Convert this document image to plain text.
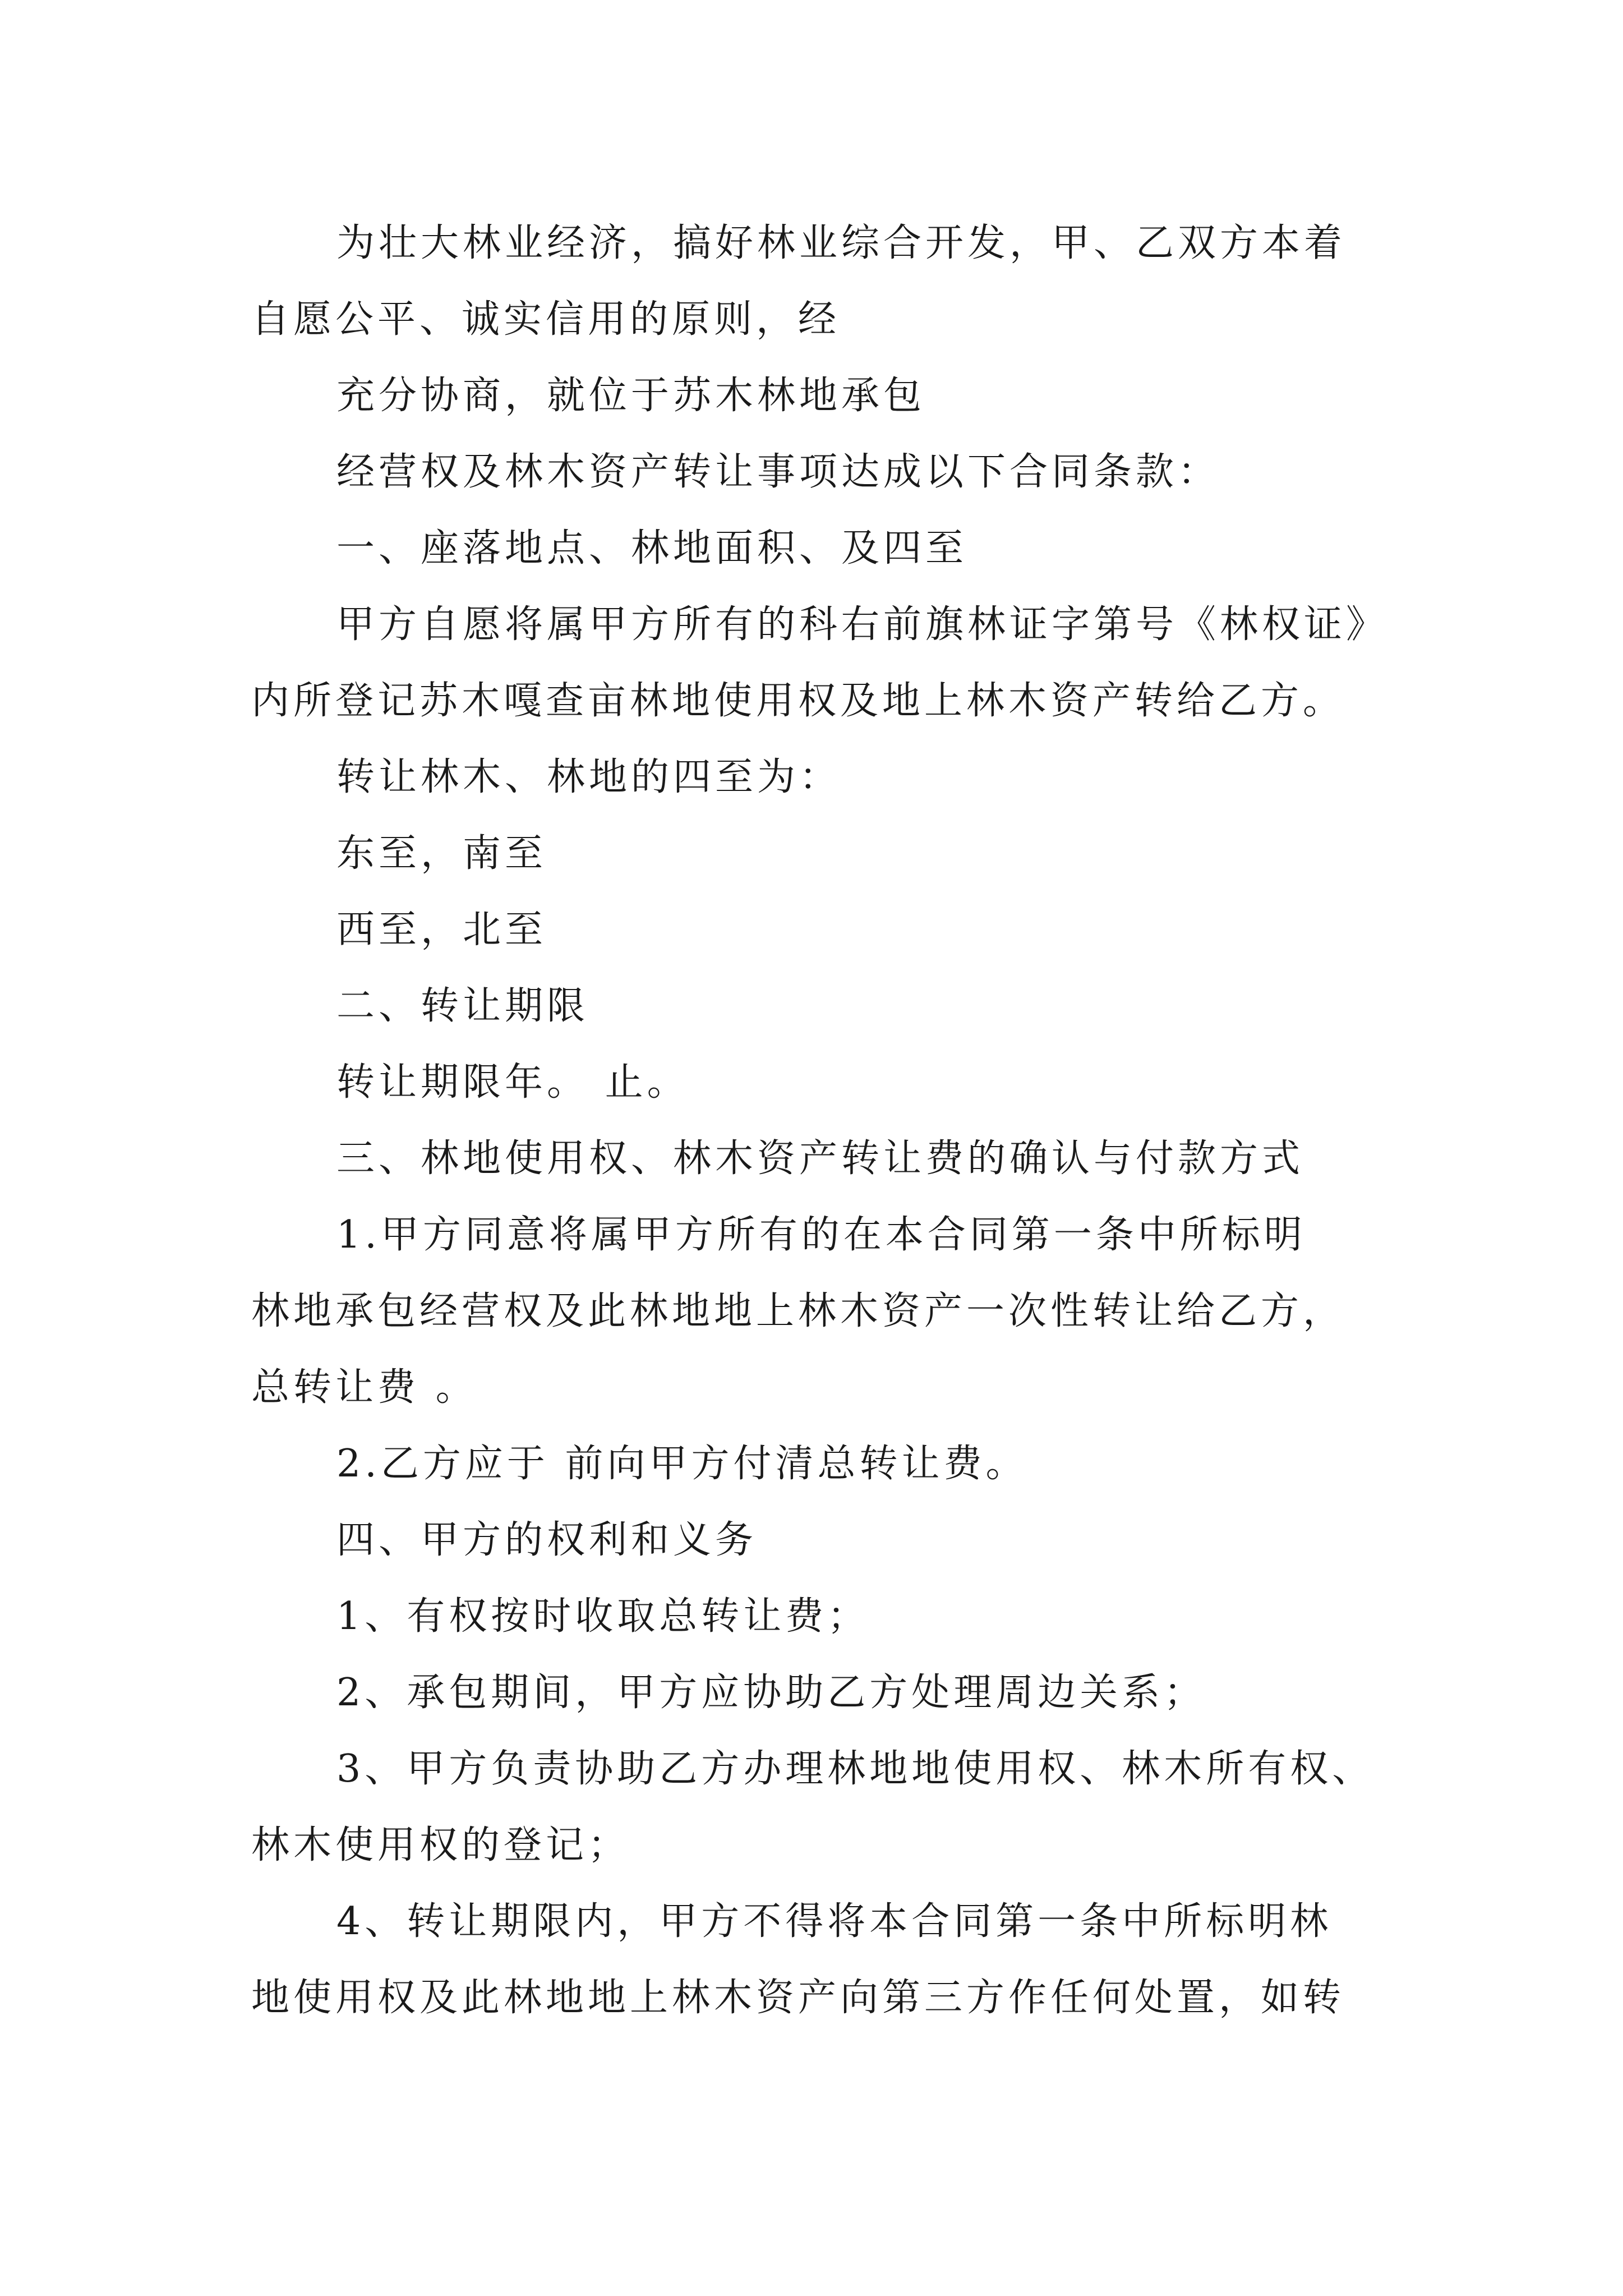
为壮大林业经济，搞好林业综合开发，甲、乙双方本着

自愿公平、诚实信用的原则，经

充分协商，就位于苏木林地承包

经营权及林木资产转让事项达成以下合同条款：

一、座落地点、林地面积、及四至

甲方自愿将属甲方所有的科右前旗林证字第号《林权证》

内所登记苏木嘎查亩林地使用权及地上林木资产转给乙方。

转让林木、林地的四至为：

东至，南至

西至，北至

二、转让期限

转让期限年。 止。

三、林地使用权、林木资产转让费的确认与付款方式

1.甲方同意将属甲方所有的在本合同第一条中所标明

林地承包经营权及此林地地上林木资产一次性转让给乙方，

总转让费 。

2.乙方应于 前向甲方付清总转让费。

四、甲方的权利和义务

1、有权按时收取总转让费；

2、承包期间，甲方应协助乙方处理周边关系；

3、甲方负责协助乙方办理林地地使用权、林木所有权、

林木使用权的登记；

4、转让期限内，甲方不得将本合同第一条中所标明林

地使用权及此林地地上林木资产向第三方作任何处置，如转
